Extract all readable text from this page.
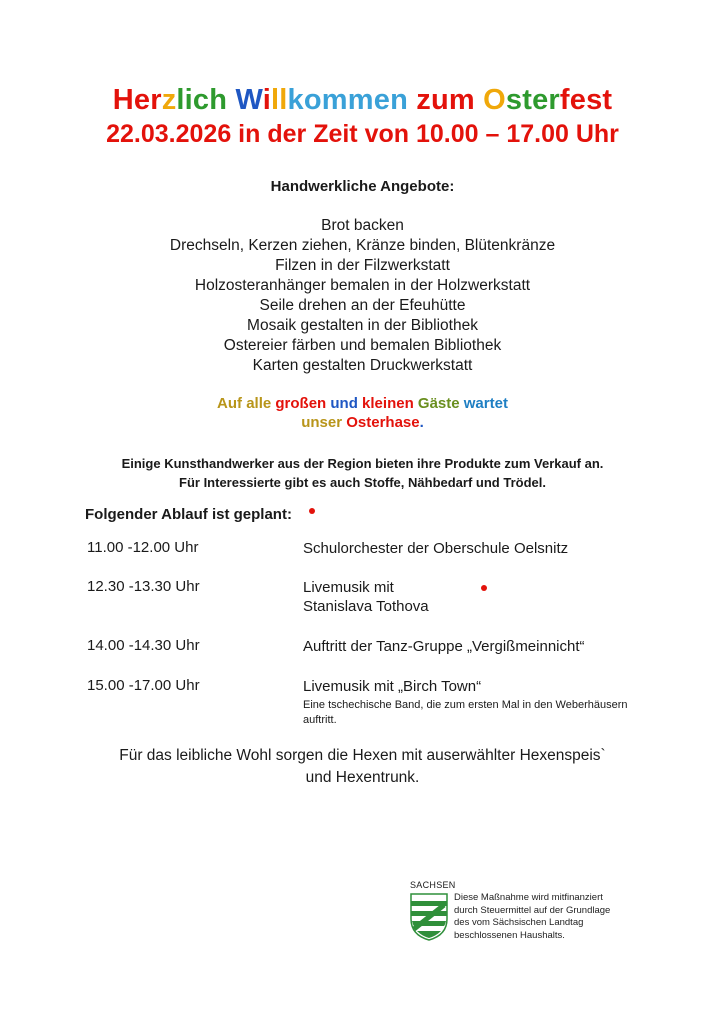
Herzlich Willkommen zum Osterfest
22.03.2026 in der Zeit von 10.00 – 17.00 Uhr
Handwerkliche Angebote:
Brot backen
Drechseln, Kerzen ziehen, Kränze binden, Blütenkränze
Filzen in der Filzwerkstatt
Holzosteranhänger bemalen in der Holzwerkstatt
Seile drehen an der Efeuhütte
Mosaik gestalten in der Bibliothek
Ostereier färben und bemalen Bibliothek
Karten gestalten Druckwerkstatt
Auf alle großen und kleinen Gäste wartet
unser Osterhase.
Einige Kunsthandwerker aus der Region bieten ihre Produkte zum Verkauf an.
Für Interessierte gibt es auch Stoffe, Nähbedarf und Trödel.
Folgender Ablauf ist geplant:
11.00 -12.00 Uhr	Schulorchester der Oberschule Oelsnitz
12.30 -13.30 Uhr	Livemusik mit
Stanislava Tothova
14.00 -14.30 Uhr	Auftritt der Tanz-Gruppe „Vergißmeinnicht“
15.00 -17.00 Uhr	Livemusik mit „Birch Town“
Eine tschechische Band, die zum ersten Mal in den Weberhäusern auftritt.
Für das leibliche Wohl sorgen die Hexen mit auserwählter Hexenspeis`
und Hexentrunk.
SACHSEN
Diese Maßnahme wird mitfinanziert
durch Steuermittel auf der Grundlage
des vom Sächsischen Landtag
beschlossenen Haushalts.
